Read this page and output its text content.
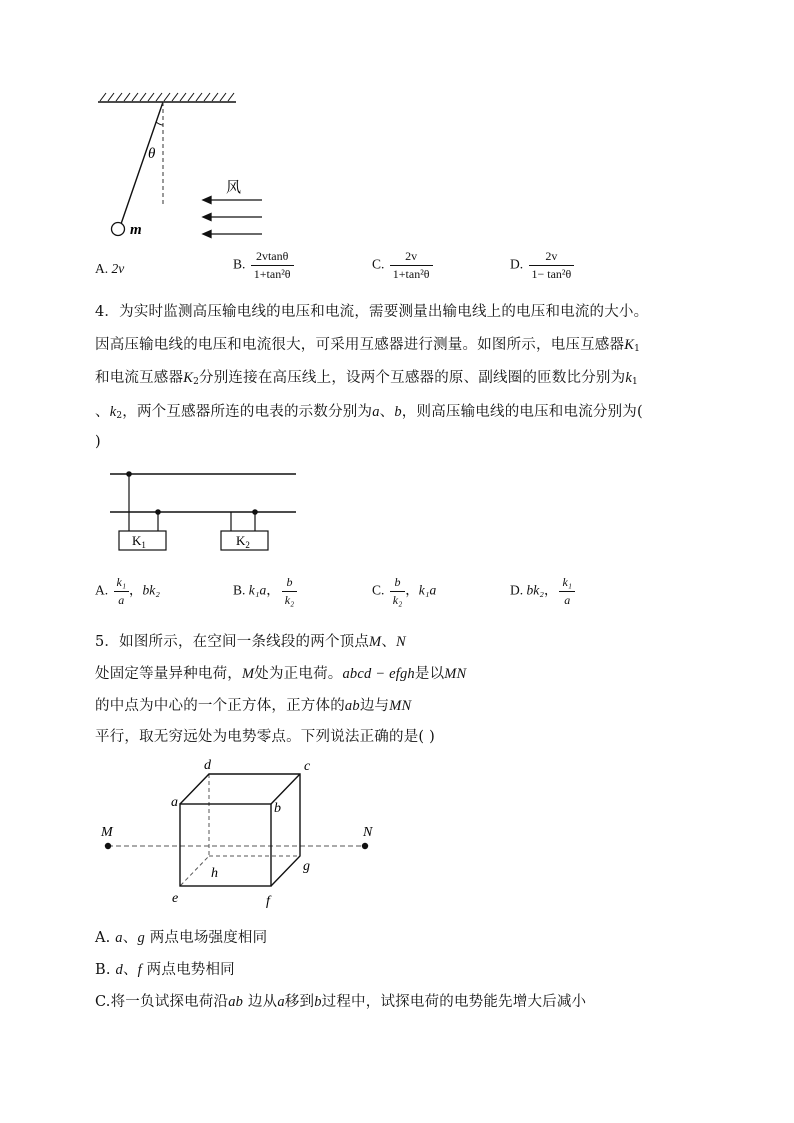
θ
m
风
A. 2v	B. $\frac{2vtan\theta}{\text{1+tan²θ}}$	C. $\frac{2v}{\text{1+tan²θ}}$	D. $\frac{2v}{\text{1− tan²θ}}$
4．为实时监测高压输电线的电压和电流，需要测量出输电线上的电压和电流的大小。
因高压输电线的电压和电流很大，可采用互感器进行测量。如图所示，电压互感器$K_1$
和电流互感器$K_2$分别连接在高压线上，设两个互感器的原、副线圈的匝数比分别为$k_1$
、$k_2$，两个互感器所连的电表的示数分别为a、b，则高压输电线的电压和电流分别为(
)
$K_1$	$K_2$
A. $\frac{\text{k₁}}{a}$ ，bk₂	B. k₁a， $\frac{b}{\text{k₂}}$	C. $\frac{b}{\text{k₂}}$ ，k₁a	D. bk₂， $\frac{\text{k₁}}{a}$
5．如图所示，在空间一条线段的两个顶点M、N
处固定等量异种电荷，M处为正电荷。abcd − efgh是以MN
的中点为中心的一个正方体，正方体的ab边与MN
平行，取无穷远处为电势零点。下列说法正确的是( )
a	b
c
d
e	f
g
h
M	N
A. a、g 两点电场强度相同
B. d、f 两点电势相同
C.将一负试探电荷沿ab 边从a移到b过程中，试探电荷的电势能先增大后减小
